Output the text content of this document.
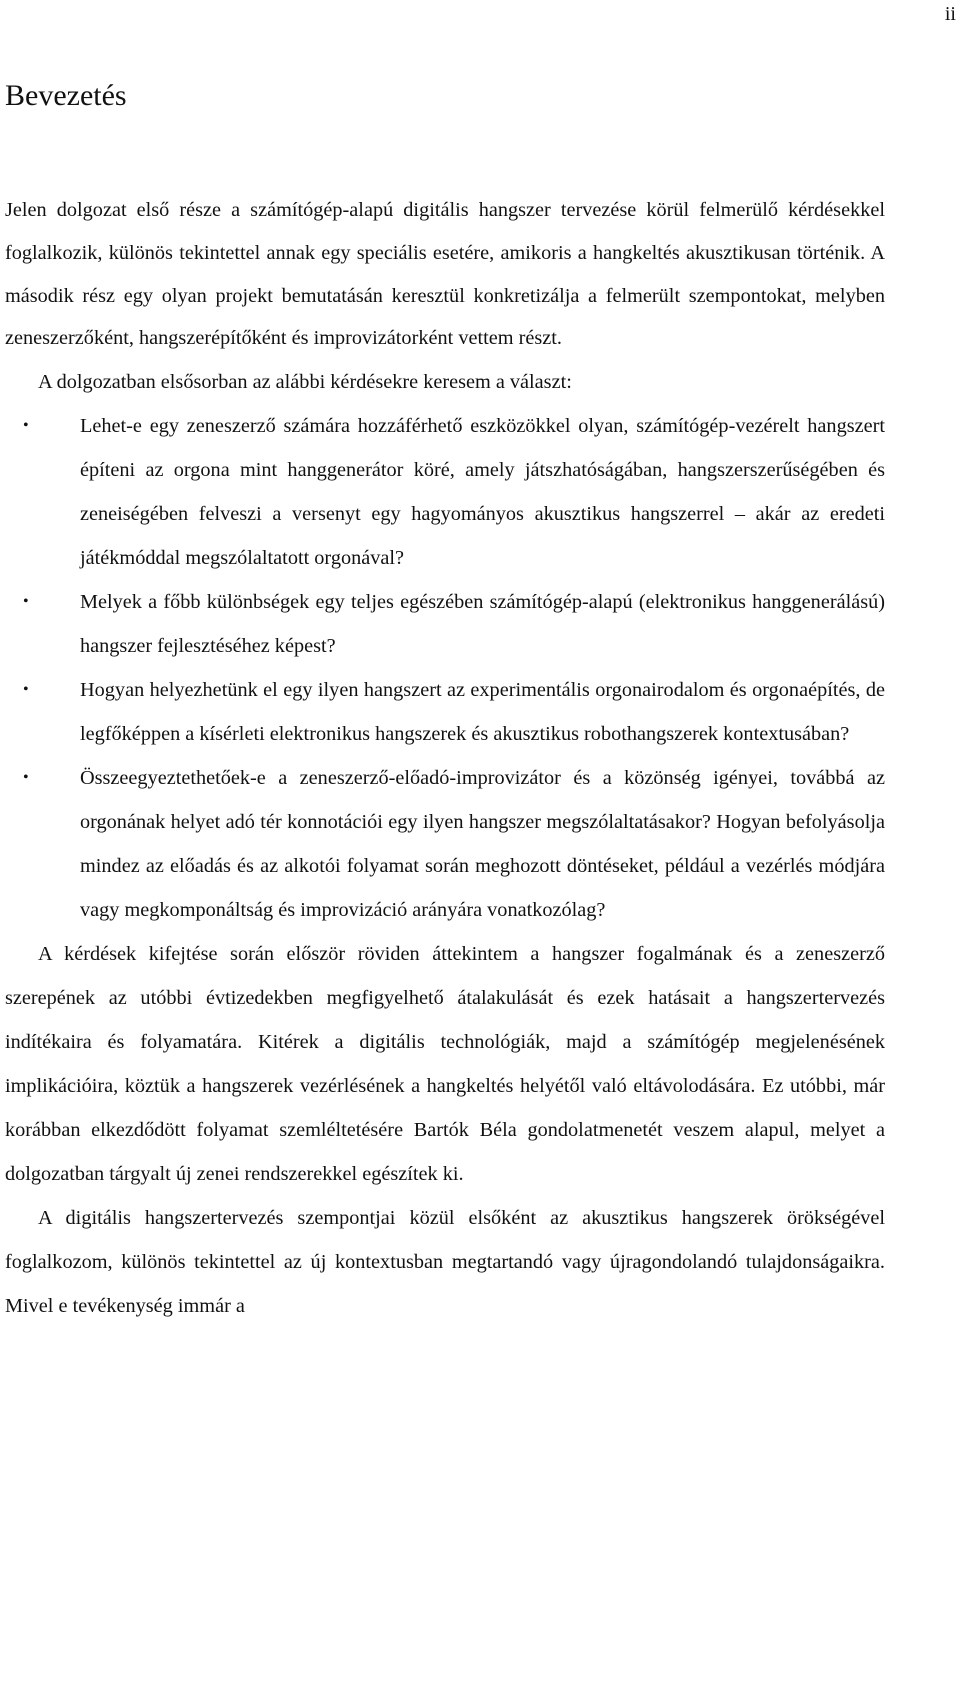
ii
Bevezetés

Jelen dolgozat első része a számítógép-alapú digitális hangszer tervezése körül felmerülő kérdésekkel foglalkozik, különös tekintettel annak egy speciális esetére, amikoris a hangkeltés akusztikusan történik. A második rész egy olyan projekt bemutatásán keresztül konkretizálja a felmerült szempontokat, melyben zeneszerzőként, hangszerépítőként és improvizátorként vettem részt.

A dolgozatban elsősorban az alábbi kérdésekre keresem a választ:

•	Lehet-e egy zeneszerző számára hozzáférhető eszközökkel olyan, számítógép-vezérelt hangszert építeni az orgona mint hanggenerátor köré, amely játszhatóságában, hangszerszerűségében és zeneiségében felveszi a versenyt egy hagyományos akusztikus hangszerrel – akár az eredeti játékmóddal megszólaltatott orgonával?
•	Melyek a főbb különbségek egy teljes egészében számítógép-alapú (elektronikus hanggenerálású) hangszer fejlesztéséhez képest?
•	Hogyan helyezhetünk el egy ilyen hangszert az experimentális orgonairodalom és orgonaépítés, de legfőképpen a kísérleti elektronikus hangszerek és akusztikus robothangszerek kontextusában?
•	Összeegyeztethetőek-e a zeneszerző-előadó-improvizátor és a közönség igényei, továbbá az orgonának helyet adó tér konnotációi egy ilyen hangszer megszólaltatásakor? Hogyan befolyásolja mindez az előadás és az alkotói folyamat során meghozott döntéseket, például a vezérlés módjára vagy megkomponáltság és improvizáció arányára vonatkozólag?

A kérdések kifejtése során először röviden áttekintem a hangszer fogalmának és a zeneszerző szerepének az utóbbi évtizedekben megfigyelhető átalakulását és ezek hatásait a hangszertervezés indítékaira és folyamatára. Kitérek a digitális technológiák, majd a számítógép megjelenésének implikációira, köztük a hangszerek vezérlésének a hangkeltés helyétől való eltávolodására. Ez utóbbi, már korábban elkezdődött folyamat szemléltetésére Bartók Béla gondolatmenetét veszem alapul, melyet a dolgozatban tárgyalt új zenei rendszerekkel egészítek ki.

A digitális hangszertervezés szempontjai közül elsőként az akusztikus hangszerek örökségével foglalkozom, különös tekintettel az új kontextusban megtartandó vagy újragondolandó tulajdonságaikra. Mivel e tevékenység immár a
